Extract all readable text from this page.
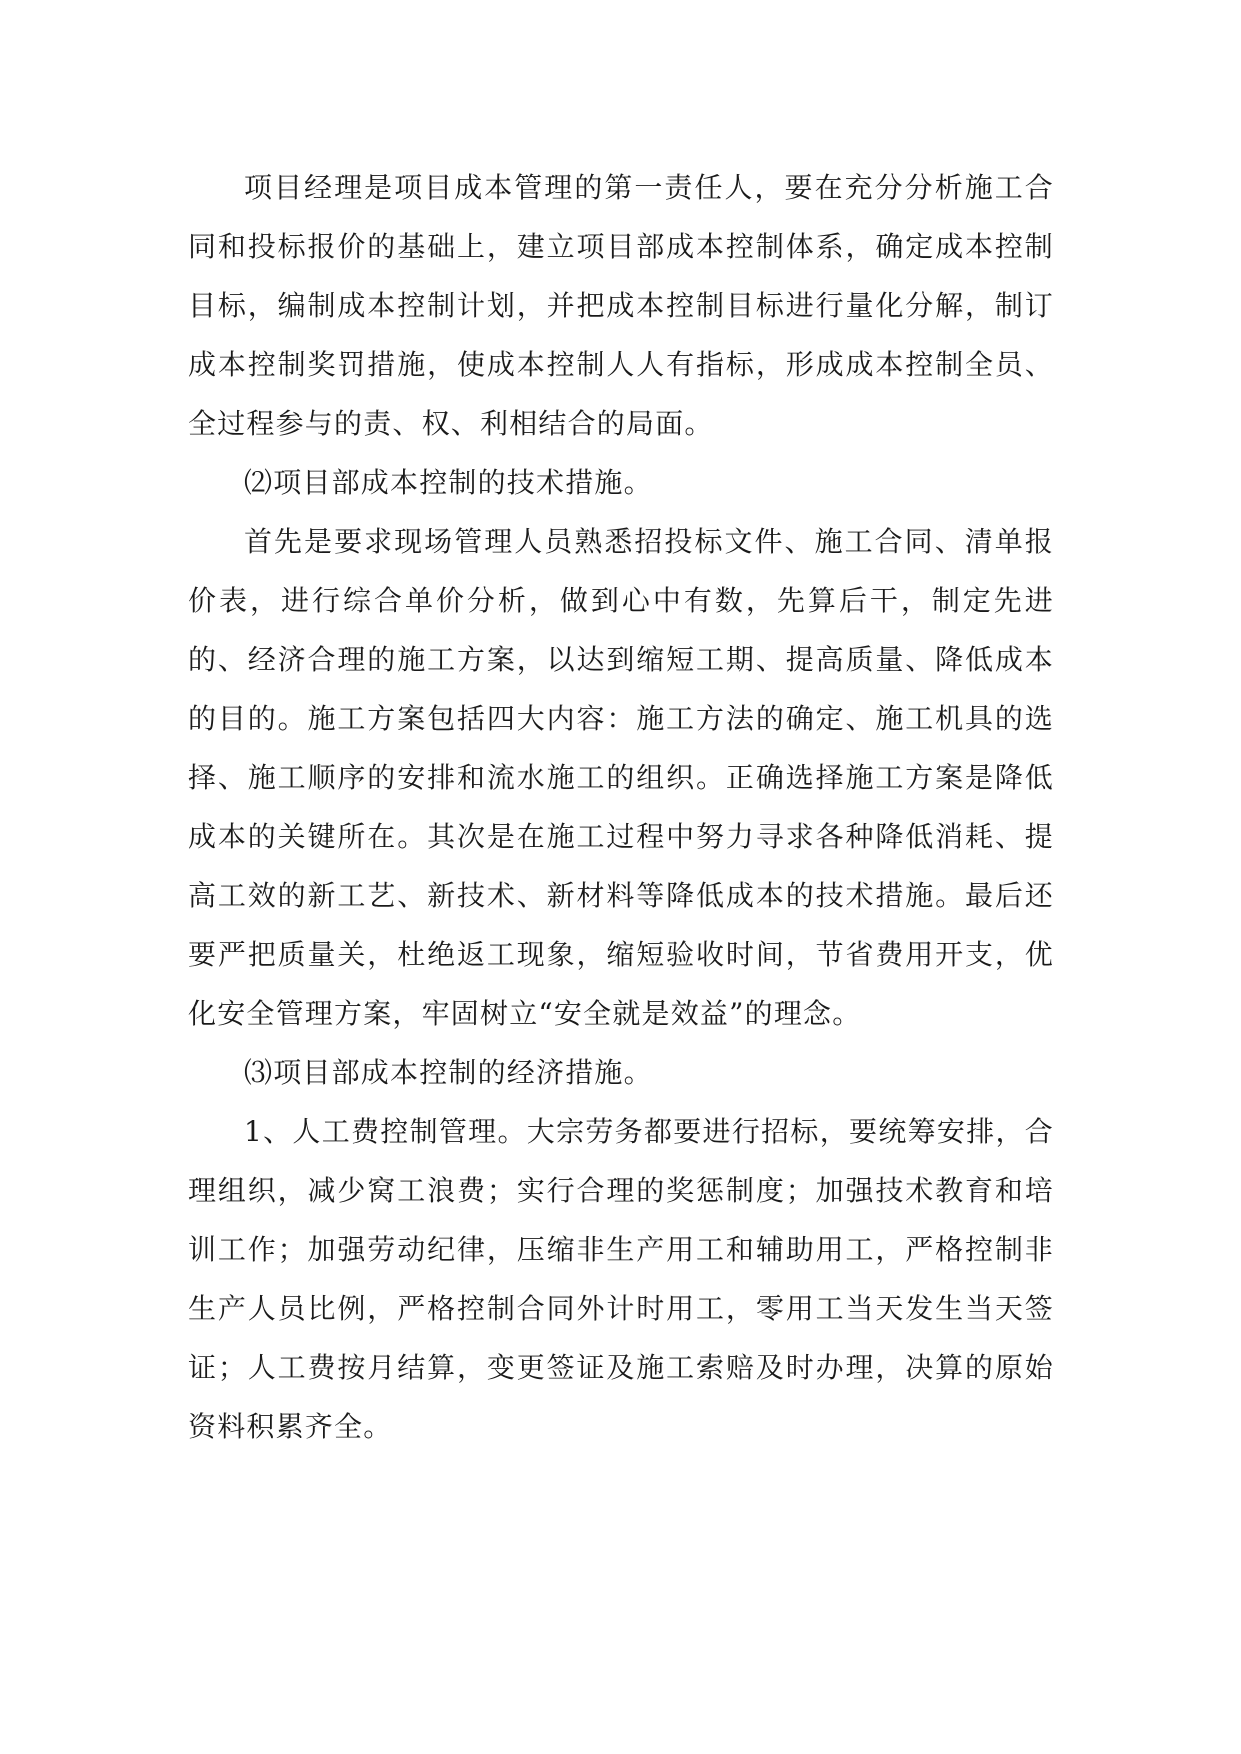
项目经理是项目成本管理的第一责任人，要在充分分析施工合同和投标报价的基础上，建立项目部成本控制体系，确定成本控制目标，编制成本控制计划，并把成本控制目标进行量化分解，制订成本控制奖罚措施，使成本控制人人有指标，形成成本控制全员、全过程参与的责、权、利相结合的局面。

⑵项目部成本控制的技术措施。

首先是要求现场管理人员熟悉招投标文件、施工合同、清单报价表，进行综合单价分析，做到心中有数，先算后干，制定先进的、经济合理的施工方案，以达到缩短工期、提高质量、降低成本的目的。施工方案包括四大内容：施工方法的确定、施工机具的选择、施工顺序的安排和流水施工的组织。正确选择施工方案是降低成本的关键所在。其次是在施工过程中努力寻求各种降低消耗、提高工效的新工艺、新技术、新材料等降低成本的技术措施。最后还要严把质量关，杜绝返工现象，缩短验收时间，节省费用开支，优化安全管理方案，牢固树立“安全就是效益”的理念。

⑶项目部成本控制的经济措施。

1、人工费控制管理。大宗劳务都要进行招标，要统筹安排，合理组织，减少窝工浪费；实行合理的奖惩制度；加强技术教育和培训工作；加强劳动纪律，压缩非生产用工和辅助用工，严格控制非生产人员比例，严格控制合同外计时用工，零用工当天发生当天签证；人工费按月结算，变更签证及施工索赔及时办理，决算的原始资料积累齐全。
